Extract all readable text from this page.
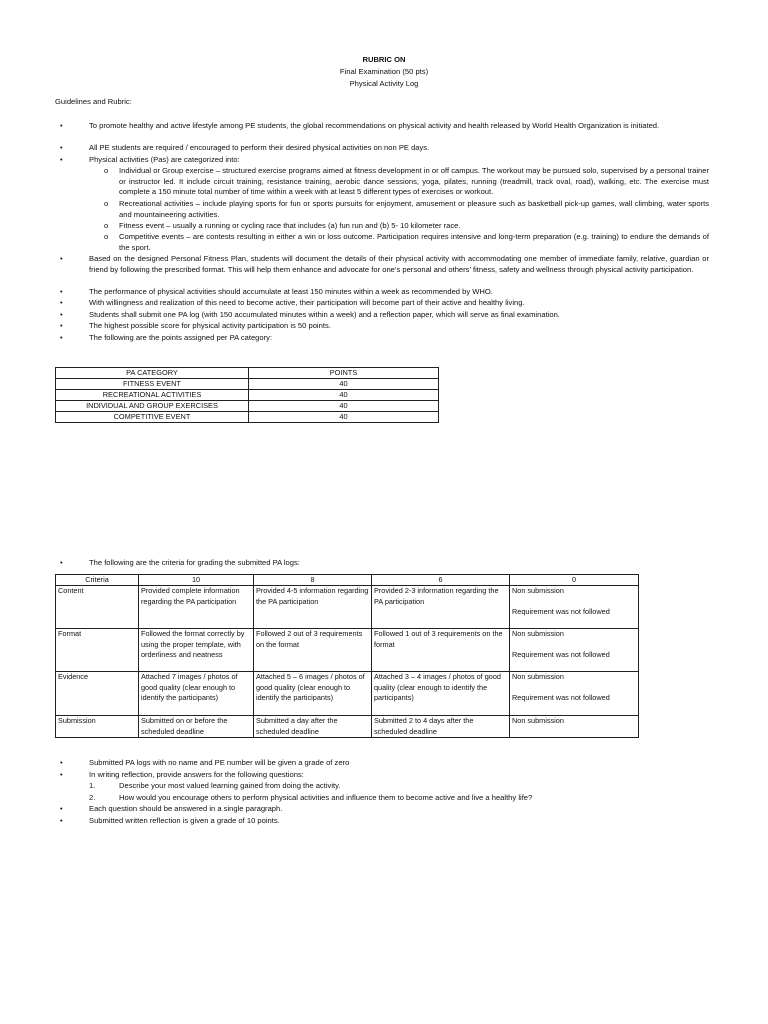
RUBRIC ON
Final Examination (50 pts)
Physical Activity Log
Guidelines and Rubric:
•	To promote healthy and active lifestyle among PE students, the global recommendations on physical activity and health released by World Health Organization is initiated.
•	All PE students are required / encouraged to perform their desired physical activities on non PE days.
•	Physical activities (Pas) are categorized into:
o	Individual or Group exercise – structured exercise programs aimed at fitness development in or off campus. The workout may be pursued solo, supervised by a personal trainer or instructor led. It include circuit training, resistance training, aerobic dance sessions, yoga, pilates, running (treadmill, track oval, road), walking, etc. The exercise must complete a 150 minute total number of time within a week with at least 5 different types of exercises or workout.
o	Recreational activities – include playing sports for fun or sports pursuits for enjoyment, amusement or pleasure such as basketball pick-up games, wall climbing, water sports and mountaineering activities.
o	Fitness event – usually a running or cycling race that includes (a) fun run and (b) 5- 10 kilometer race.
o	Competitive events – are contests resulting in either a win or loss outcome. Participation requires intensive and long-term preparation (e.g. training) to endure the demands of the sport.
•	Based on the designed Personal Fitness Plan, students will document the details of their physical activity with accommodating one member of immediate family, relative, guardian or friend by following the prescribed format. This will help them enhance and advocate for one’s personal and others’ fitness, safety and wellness through physical activity participation.
•	The performance of physical activities should accumulate at least 150 minutes within a week as recommended by WHO.
•	With willingness and realization of this need to become active, their participation will become part of their active and healthy living.
•	Students shall submit one PA log (with 150 accumulated minutes within a week) and a reflection paper, which will serve as final examination.
•	The highest possible score for physical activity participation is 50 points.
•	The following are the points assigned per PA category:
PA CATEGORY	POINTS
FITNESS EVENT	40
RECREATIONAL ACTIVITIES	40
INDIVIDUAL AND GROUP EXERCISES	40
COMPETITIVE EVENT	40
•	The following are the criteria for grading the submitted PA logs:
Criteria	10	8	6	0
Content	Provided complete information regarding the PA participation	Provided 4-5 information regarding the PA participation	Provided 2-3 information regarding the PA participation	Non submission
Requirement was not followed
Format	Followed the format correctly by using the proper template, with orderliness and neatness	Followed 2 out of 3 requirements on the format	Followed 1 out of 3 requirements on the format	Non submission
Requirement was not followed
Evidence	Attached 7 images / photos of good quality (clear enough to identify the participants)	Attached 5 – 6 images / photos of good quality (clear enough to identify the participants)	Attached 3 – 4 images / photos of good quality (clear enough to identify the participants)	Non submission
Requirement was not followed
Submission	Submitted on or before the scheduled deadline	Submitted a day after the scheduled deadline	Submitted 2 to 4 days after the scheduled deadline	Non submission
•	Submitted PA logs with no name and PE number will be given a grade of zero
•	In writing reflection, provide answers for the following questions:
1.	Describe your most valued learning gained from doing the activity.
2.	How would you encourage others to perform physical activities and influence them to become active and live a healthy life?
•	Each question should be answered in a single paragraph.
•	Submitted written reflection is given a grade of 10 points.
